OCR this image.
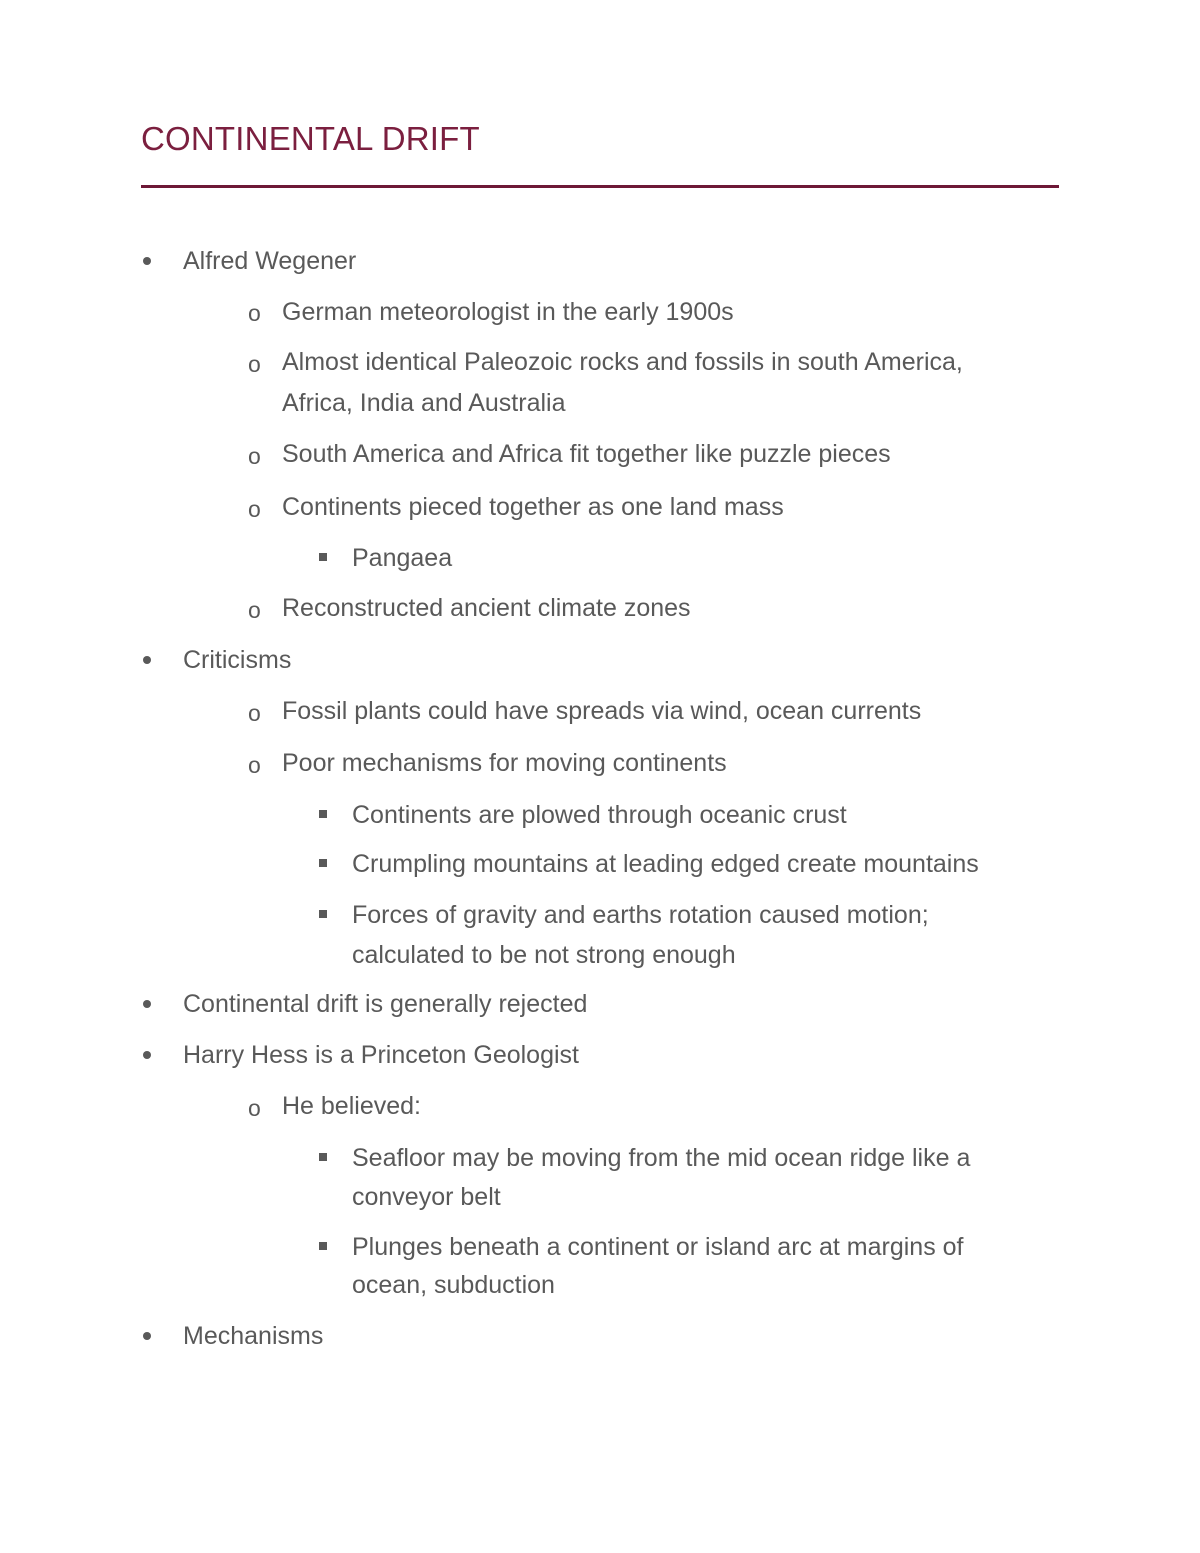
CONTINENTAL DRIFT
Alfred Wegener
o German meteorologist in the early 1900s
o Almost identical Paleozoic rocks and fossils in south America,
Africa, India and Australia
o South America and Africa fit together like puzzle pieces
o Continents pieced together as one land mass
Pangaea
o Reconstructed ancient climate zones
Criticisms
o Fossil plants could have spreads via wind, ocean currents
o Poor mechanisms for moving continents
Continents are plowed through oceanic crust
Crumpling mountains at leading edged create mountains
Forces of gravity and earths rotation caused motion;
calculated to be not strong enough
Continental drift is generally rejected
Harry Hess is a Princeton Geologist
o He believed:
Seafloor may be moving from the mid ocean ridge like a
conveyor belt
Plunges beneath a continent or island arc at margins of
ocean, subduction
Mechanisms
